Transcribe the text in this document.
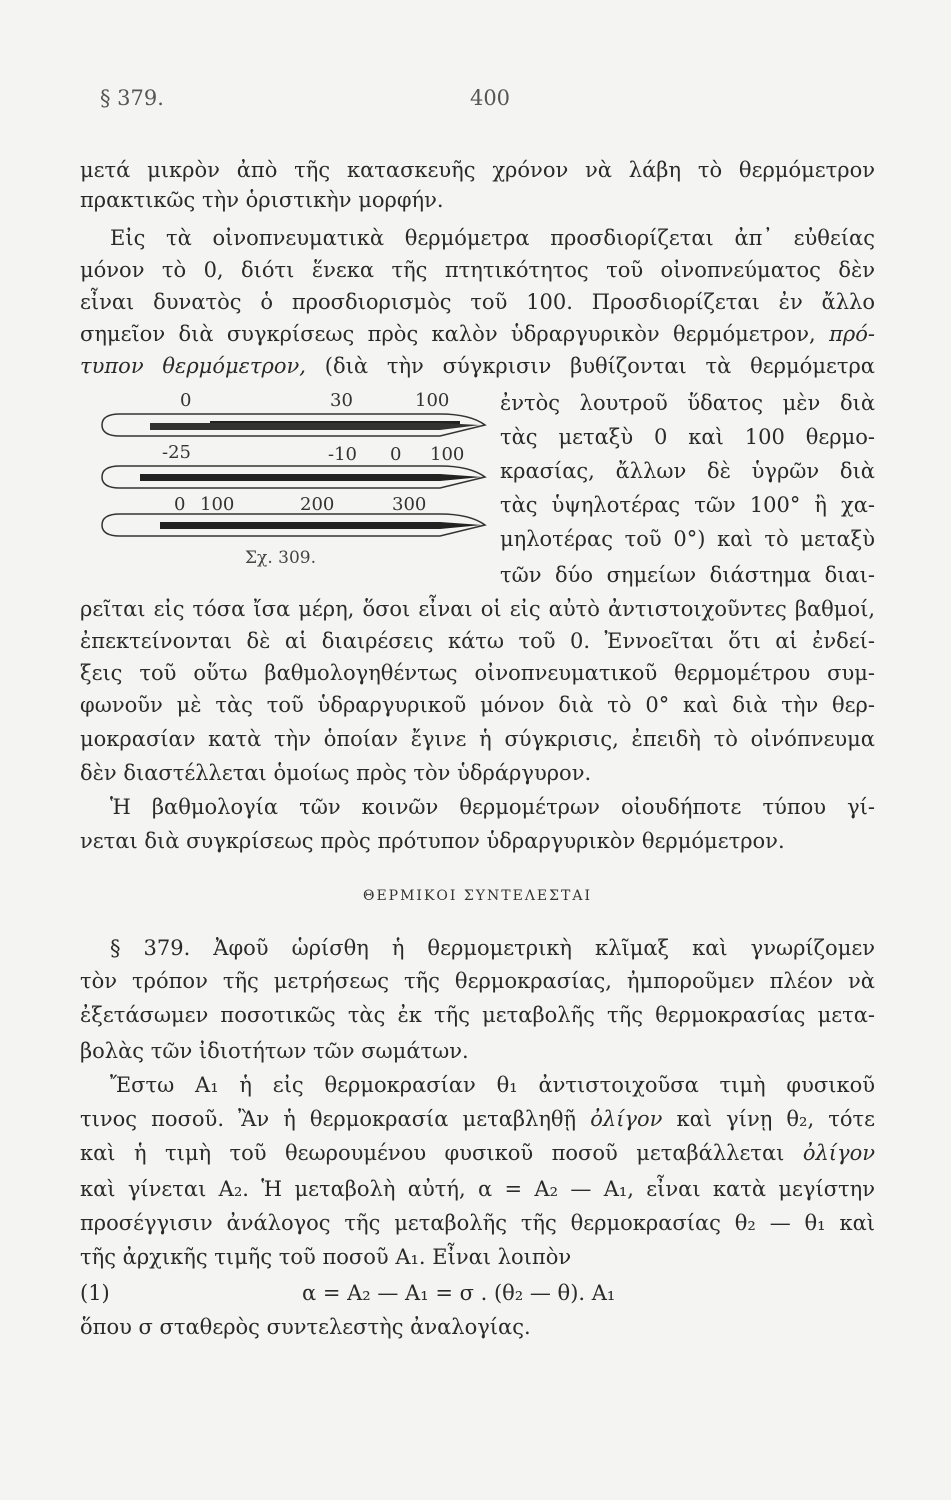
§ 379.	400
μετά μικρὸν ἀπὸ τῆς κατασκευῆς χρόνον νὰ λάβη τὸ θερμόμετρον
πρακτικῶς τὴν ὁριστικὴν μορφήν.
Εἰς τὰ οἰνοπνευματικὰ θερμόμετρα προσδιορίζεται ἀπ᾽ εὐθείας
μόνον τὸ 0, διότι ἕνεκα τῆς πτητικότητος τοῦ οἰνοπνεύματος δὲν
εἶναι δυνατὸς ὁ προσδιορισμὸς τοῦ 100. Προσδιορίζεται ἐν ἄλλο
σημεῖον διὰ συγκρίσεως πρὸς καλὸν ὑδραργυρικὸν θερμόμετρον, πρό-
τυπον θερμόμετρον, (διὰ τὴν σύγκρισιν βυθίζονται τὰ θερμόμετρα
ἐντὸς λουτροῦ ὕδατος μὲν διὰ
τὰς μεταξὺ 0 καὶ 100 θερμο-
κρασίας, ἄλλων δὲ ὑγρῶν διὰ
τὰς ὑψηλοτέρας τῶν 100° ἢ χα-
μηλοτέρας τοῦ 0°) καὶ τὸ μεταξὺ
τῶν δύο σημείων διάστημα διαι-
0	30	100
-25	-10 0 100
0 100	200	300
Σχ. 309.
ρεῖται εἰς τόσα ἴσα μέρη, ὅσοι εἶναι οἱ εἰς αὐτὸ ἀντιστοιχοῦντες βαθμοί,
ἐπεκτείνονται δὲ αἱ διαιρέσεις κάτω τοῦ 0. Ἐννοεῖται ὅτι αἱ ἐνδεί-
ξεις τοῦ οὕτω βαθμολογηθέντως οἰνοπνευματικοῦ θερμομέτρου συμ-
φωνοῦν μὲ τὰς τοῦ ὑδραργυρικοῦ μόνον διὰ τὸ 0° καὶ διὰ τὴν θερ-
μοκρασίαν κατὰ τὴν ὁποίαν ἔγινε ἡ σύγκρισις, ἐπειδὴ τὸ οἰνόπνευμα
δὲν διαστέλλεται ὁμοίως πρὸς τὸν ὑδράργυρον.
Ἡ βαθμολογία τῶν κοινῶν θερμομέτρων οἰουδήποτε τύπου γί-
νεται διὰ συγκρίσεως πρὸς πρότυπον ὑδραργυρικὸν θερμόμετρον.
ΘΕΡΜΙΚΟΙ ΣΥΝΤΕΛΕΣΤΑΙ
§ 379. Ἀφοῦ ὡρίσθη ἡ θερμομετρικὴ κλῖμαξ καὶ γνωρίζομεν
τὸν τρόπον τῆς μετρήσεως τῆς θερμοκρασίας, ἠμποροῦμεν πλέον νὰ
ἐξετάσωμεν ποσοτικῶς τὰς ἐκ τῆς μεταβολῆς τῆς θερμοκρασίας μετα-
βολὰς τῶν ἰδιοτήτων τῶν σωμάτων.
Ἔστω A₁ ἡ εἰς θερμοκρασίαν θ₁ ἀντιστοιχοῦσα τιμὴ φυσικοῦ
τινος ποσοῦ. Ἂν ἡ θερμοκρασία μεταβληθῇ ὀλίγον καὶ γίνῃ θ₂, τότε
καὶ ἡ τιμὴ τοῦ θεωρουμένου φυσικοῦ ποσοῦ μεταβάλλεται ὀλίγον
καὶ γίνεται A₂. Ἡ μεταβολὴ αὐτή, α = A₂ — A₁, εἶναι κατὰ μεγίστην
προσέγγισιν ἀνάλογος τῆς μεταβολῆς τῆς θερμοκρασίας θ₂ — θ₁ καὶ
τῆς ἀρχικῆς τιμῆς τοῦ ποσοῦ A₁. Εἶναι λοιπὸν
(1)	α = A₂ — A₁ = σ . (θ₂ — θ). A₁
ὅπου σ σταθερὸς συντελεστὴς ἀναλογίας.
